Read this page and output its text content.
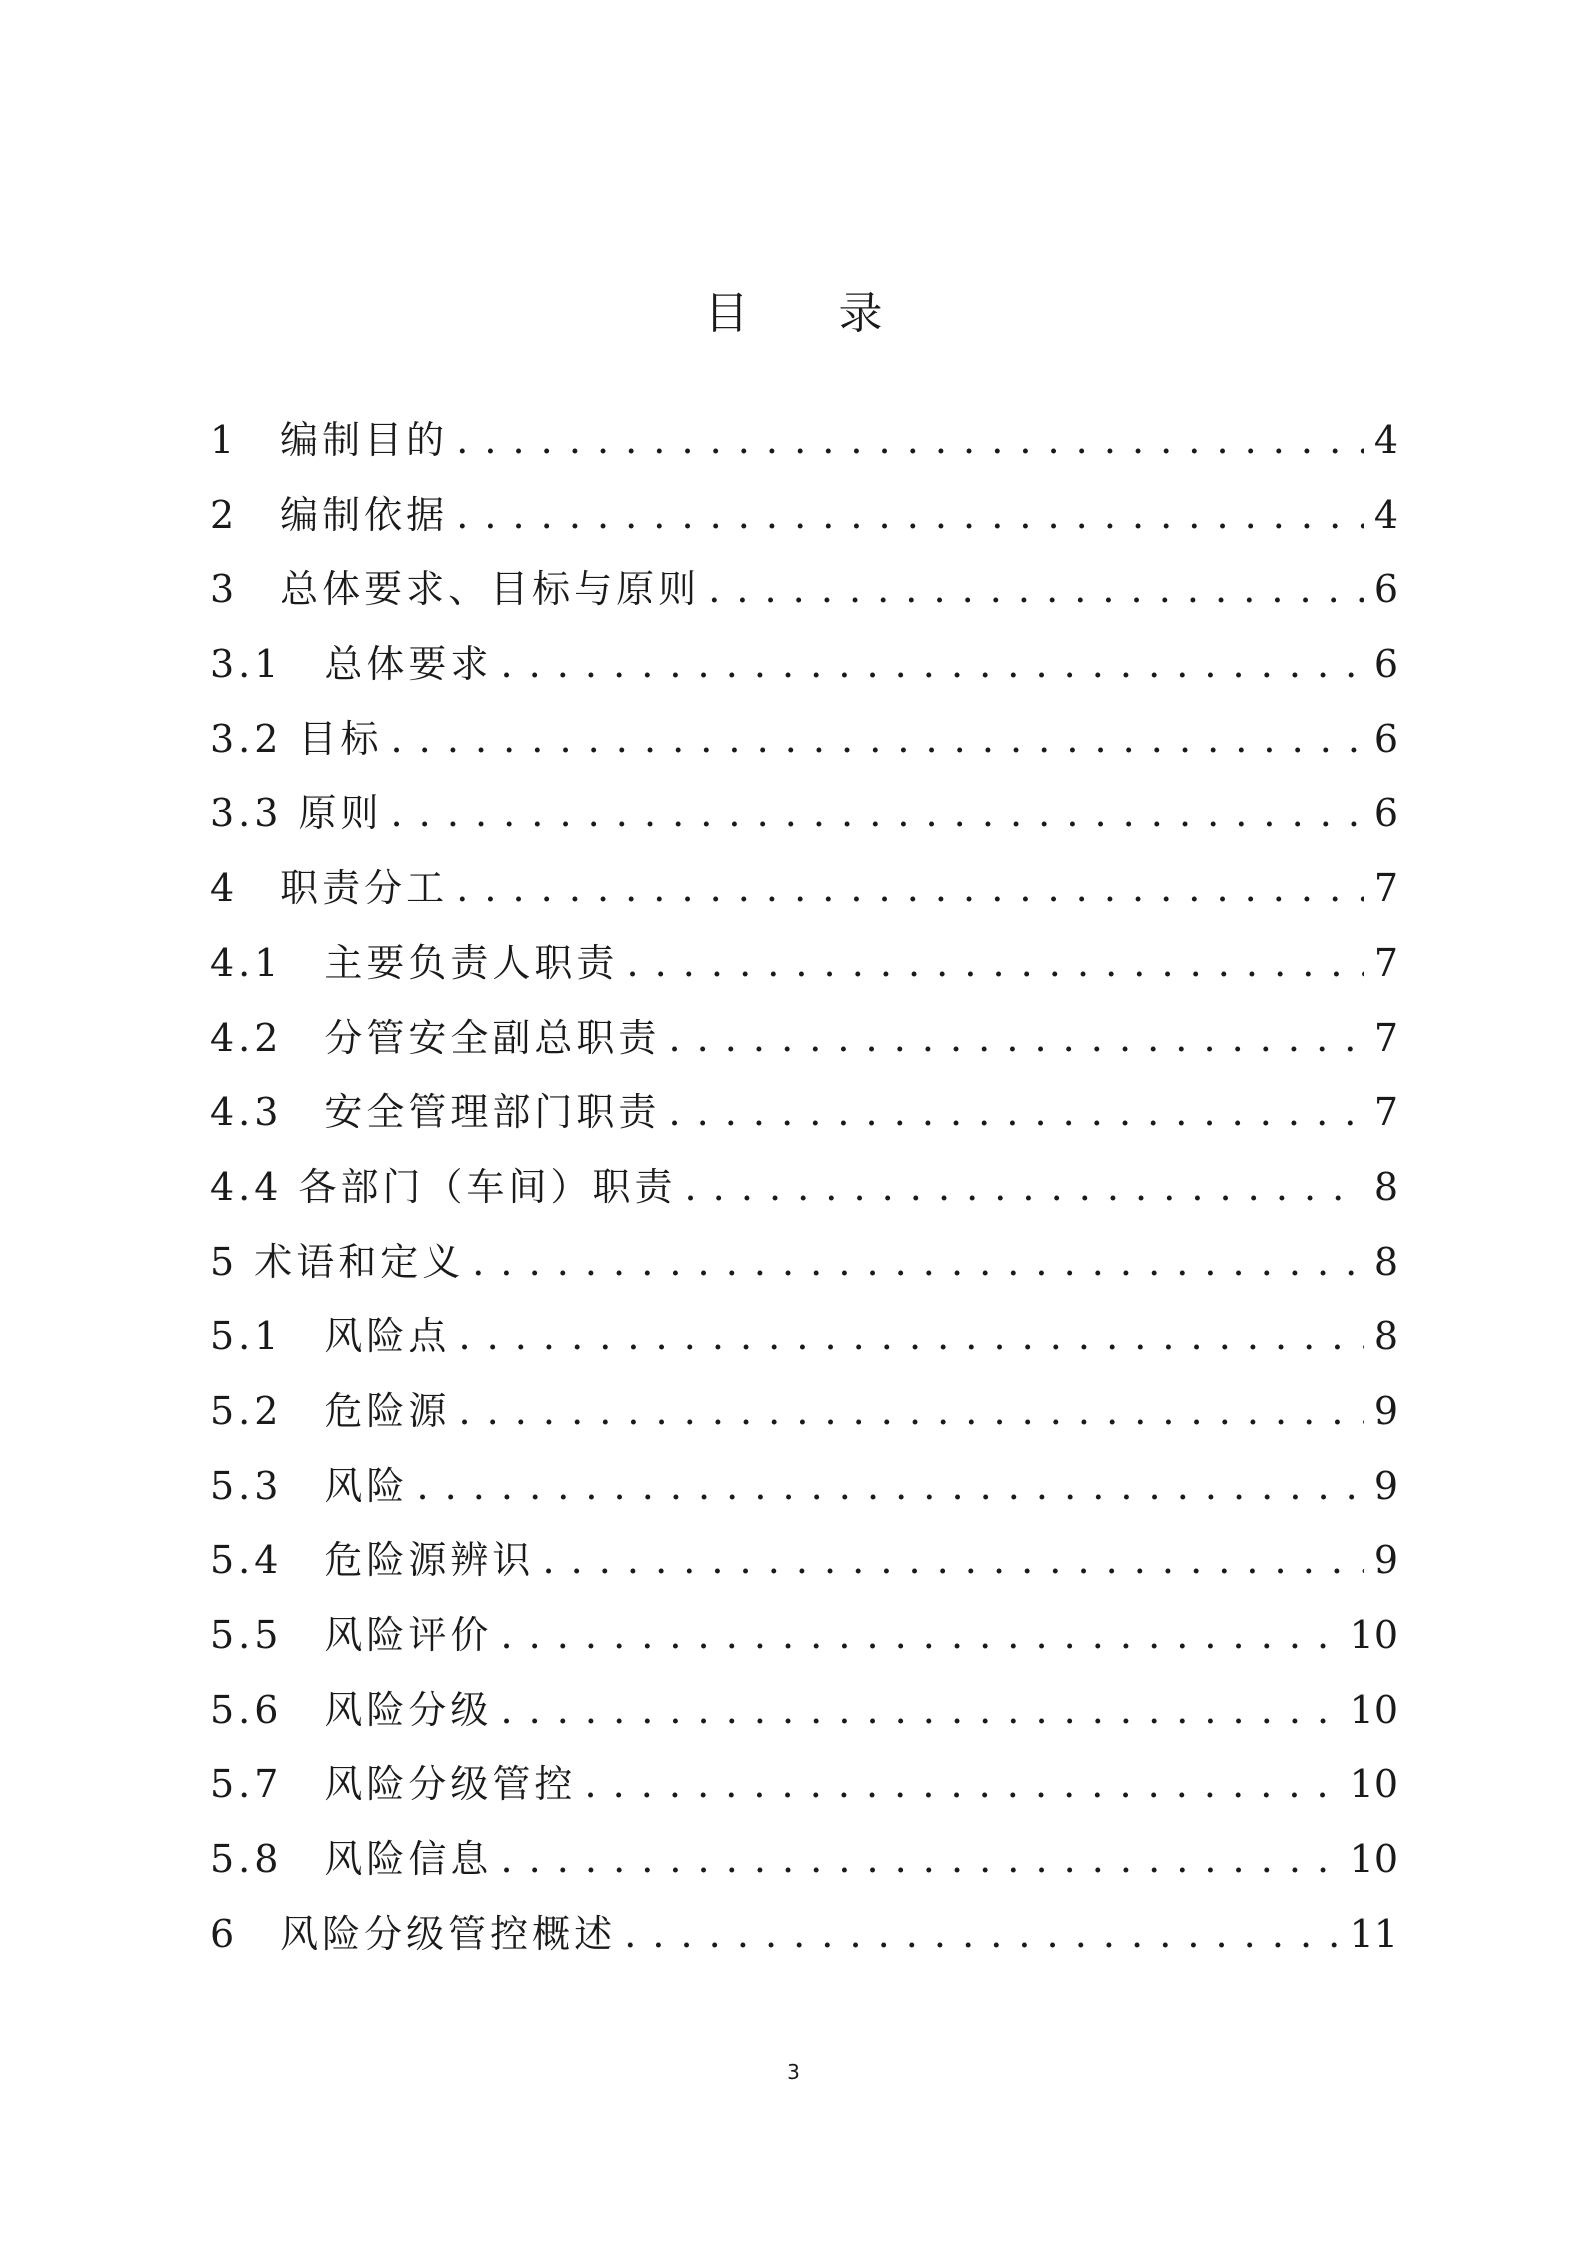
目 录
1　编制目的 . . .	4
2　编制依据 . . .	4
3　总体要求、目标与原则 . . .	6
3.1　总体要求 . . .	6
3.2 目标 . . .	6
3.3 原则 . . .	6
4　职责分工 . . .	7
4.1　主要负责人职责 . . .	7
4.2　分管安全副总职责 . . .	7
4.3　安全管理部门职责 . . .	7
4.4 各部门（车间）职责 . . .	8
5 术语和定义 . . .	8
5.1　风险点 . . .	8
5.2　危险源 . . .	9
5.3　风险 . . .	9
5.4　危险源辨识 . . .	9
5.5　风险评价 . . .	10
5.6　风险分级 . . .	10
5.7　风险分级管控 . . .	10
5.8　风险信息 . . .	10
6　风险分级管控概述 . . .	11
3
